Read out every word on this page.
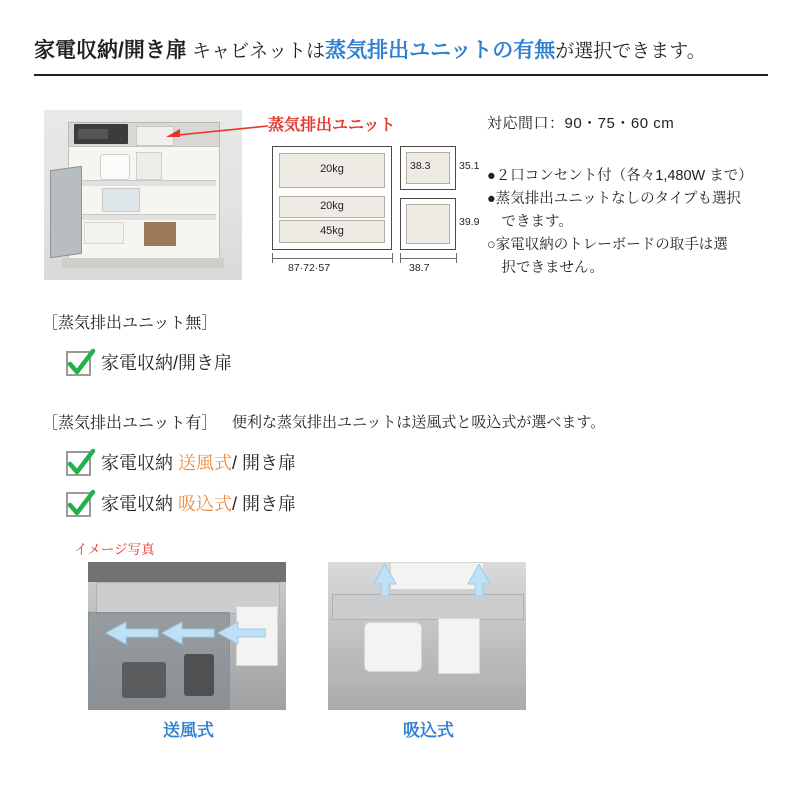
家電収納/開き扉 キャビネットは蒸気排出ユニットの有無が選択できます。
蒸気排出ユニット
20kg
20kg
45kg
38.3	35.1
39.9
87·72·57	38.7
対応間口：90・75・60 cm
●２口コンセント付（各々1,480W まで）
●蒸気排出ユニットなしのタイプも選択
　できます。
○家電収納のトレーボードの取手は選
　択できません。
［蒸気排出ユニット無］
家電収納/開き扉
［蒸気排出ユニット有］ 便利な蒸気排出ユニットは送風式と吸込式が選べます。
家電収納 送風式/ 開き扉
家電収納 吸込式/ 開き扉
イメージ写真
送風式	吸込式
